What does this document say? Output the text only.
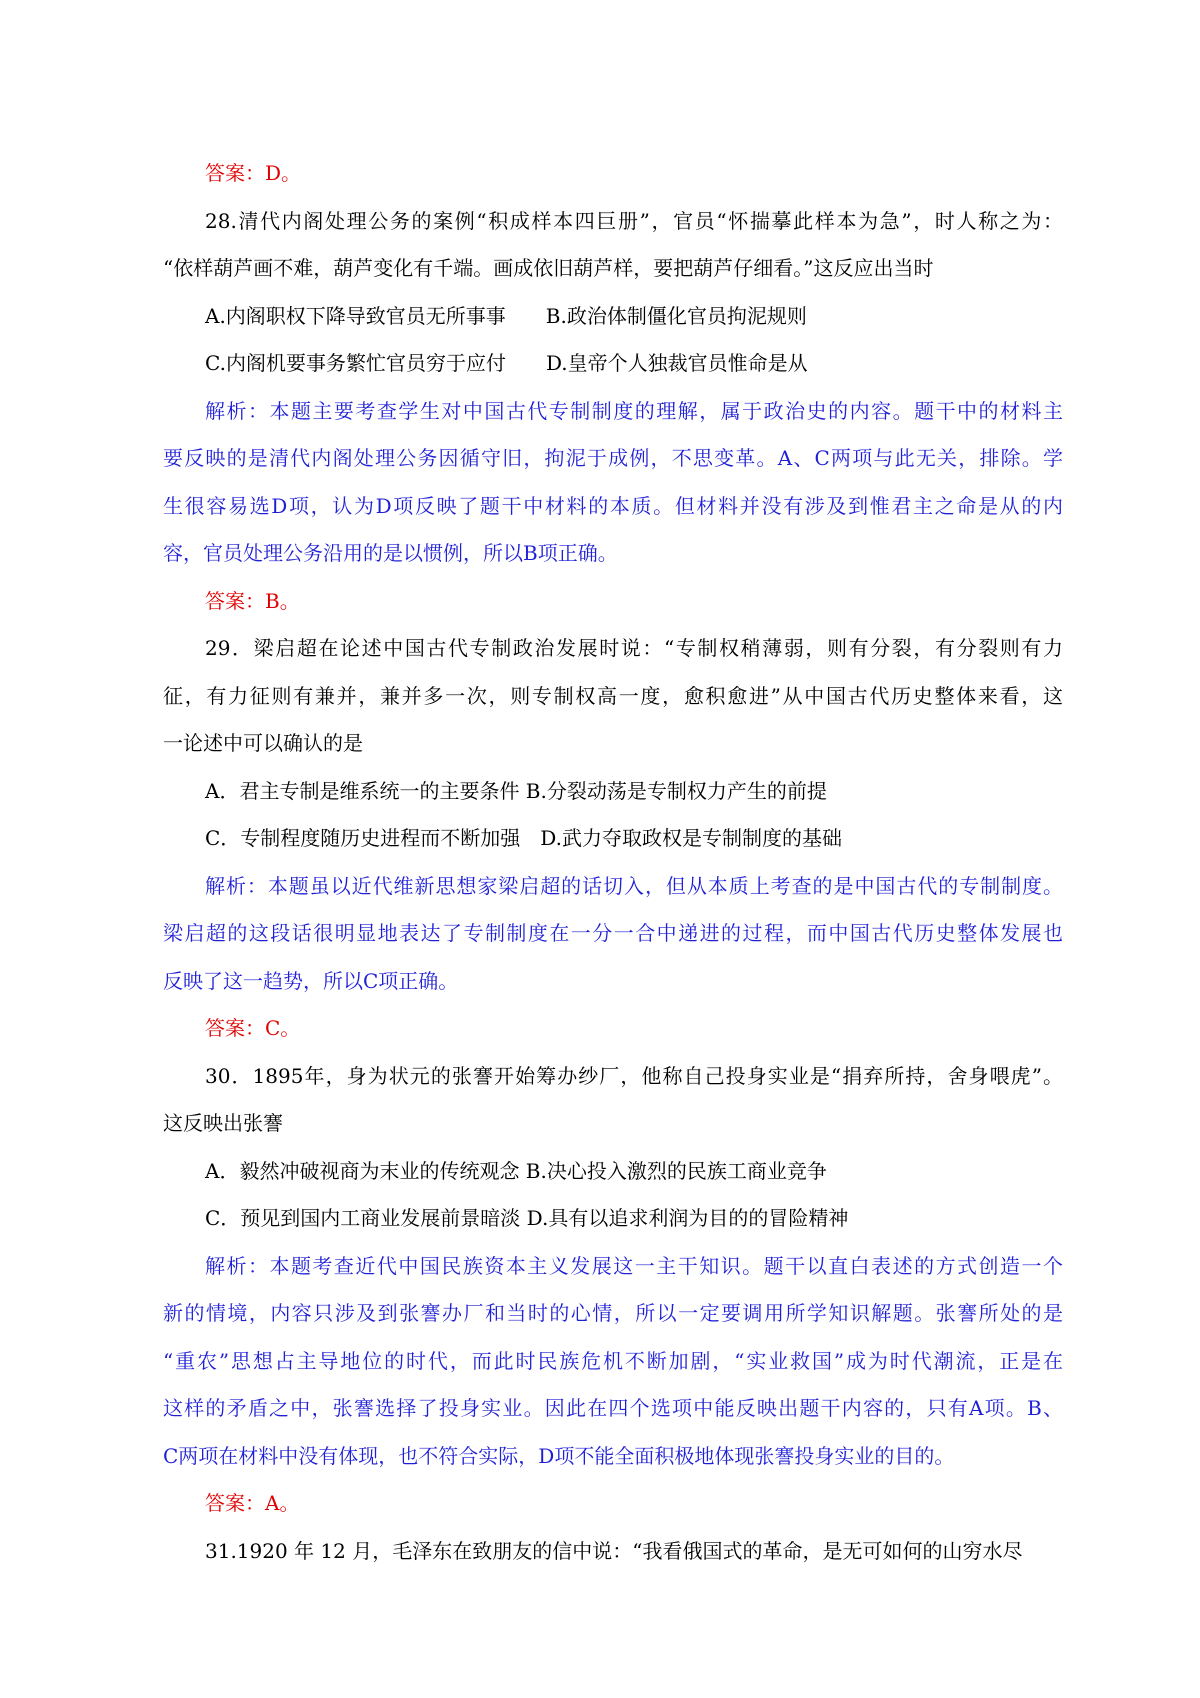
答案：D。
28.清代内阁处理公务的案例“积成样本四巨册”，官员“怀揣摹此样本为急”，时人称之为：
“依样葫芦画不难，葫芦变化有千端。画成依旧葫芦样，要把葫芦仔细看。”这反应出当时
A.内阁职权下降导致官员无所事事　　B.政治体制僵化官员拘泥规则
C.内阁机要事务繁忙官员穷于应付　　D.皇帝个人独裁官员惟命是从
解析：本题主要考查学生对中国古代专制制度的理解，属于政治史的内容。题干中的材料主
要反映的是清代内阁处理公务因循守旧，拘泥于成例，不思变革。A、C两项与此无关，排除。学
生很容易选D项，认为D项反映了题干中材料的本质。但材料并没有涉及到惟君主之命是从的内
容，官员处理公务沿用的是以惯例，所以B项正确。
答案：B。
29．梁启超在论述中国古代专制政治发展时说：“专制权稍薄弱，则有分裂，有分裂则有力
征，有力征则有兼并，兼并多一次，则专制权高一度，愈积愈进”从中国古代历史整体来看，这
一论述中可以确认的是
A．君主专制是维系统一的主要条件 B.分裂动荡是专制权力产生的前提
C．专制程度随历史进程而不断加强　D.武力夺取政权是专制制度的基础
解析：本题虽以近代维新思想家梁启超的话切入，但从本质上考查的是中国古代的专制制度。
梁启超的这段话很明显地表达了专制制度在一分一合中递进的过程，而中国古代历史整体发展也
反映了这一趋势，所以C项正确。
答案：C。
30．1895年，身为状元的张謇开始筹办纱厂，他称自己投身实业是“捐弃所持，舍身喂虎”。
这反映出张謇
A．毅然冲破视商为末业的传统观念 B.决心投入激烈的民族工商业竞争
C．预见到国内工商业发展前景暗淡 D.具有以追求利润为目的的冒险精神
解析：本题考查近代中国民族资本主义发展这一主干知识。题干以直白表述的方式创造一个
新的情境，内容只涉及到张謇办厂和当时的心情，所以一定要调用所学知识解题。张謇所处的是
“重农”思想占主导地位的时代，而此时民族危机不断加剧，“实业救国”成为时代潮流，正是在
这样的矛盾之中，张謇选择了投身实业。因此在四个选项中能反映出题干内容的，只有A项。B、
C两项在材料中没有体现，也不符合实际，D项不能全面积极地体现张謇投身实业的目的。
答案：A。
31.1920 年 12 月，毛泽东在致朋友的信中说：“我看俄国式的革命，是无可如何的山穷水尽
